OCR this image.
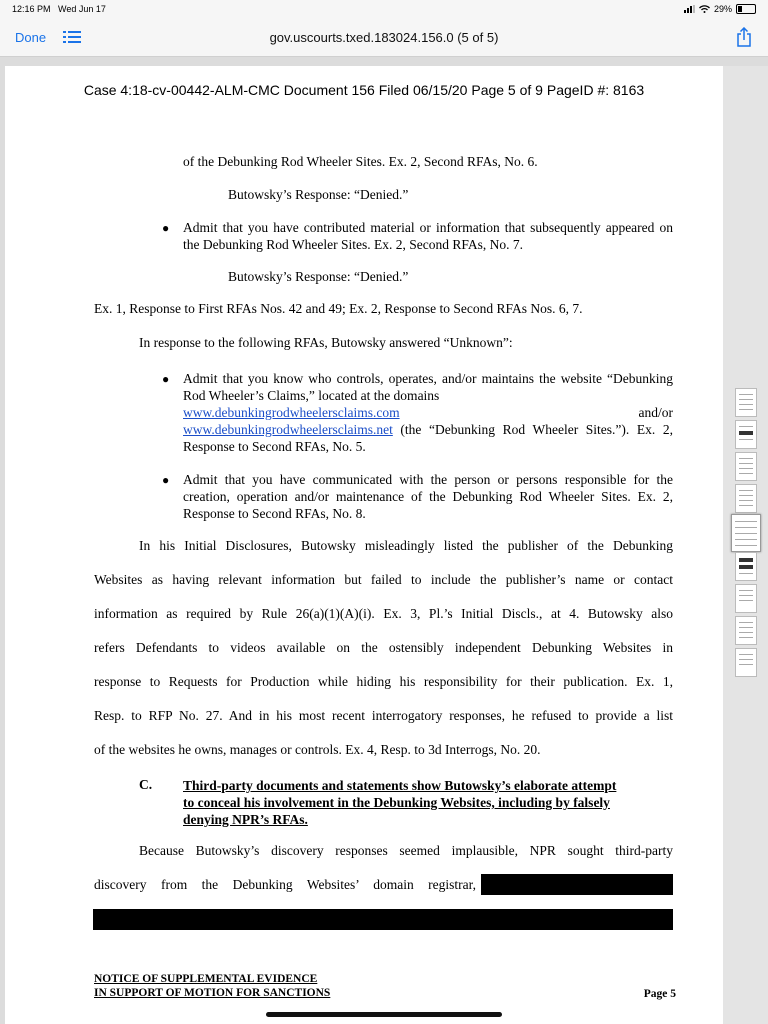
12:16 PM Wed Jun 17	29%
Done	gov.uscourts.txed.183024.156.0 (5 of 5)
Case 4:18-cv-00442-ALM-CMC Document 156 Filed 06/15/20 Page 5 of 9 PageID #: 8163
of the Debunking Rod Wheeler Sites. Ex. 2, Second RFAs, No. 6.
Butowsky’s Response: “Denied.”
● Admit that you have contributed material or information that subsequently appeared on the Debunking Rod Wheeler Sites. Ex. 2, Second RFAs, No. 7.
Butowsky’s Response: “Denied.”
Ex. 1, Response to First RFAs Nos. 42 and 49; Ex. 2, Response to Second RFAs Nos. 6, 7.
In response to the following RFAs, Butowsky answered “Unknown”:
● Admit that you know who controls, operates, and/or maintains the website “Debunking Rod Wheeler’s Claims,” located at the domains
www.debunkingrodwheelersclaims.com	and/or
www.debunkingrodwheelersclaims.net (the “Debunking Rod Wheeler Sites.”). Ex. 2, Response to Second RFAs, No. 5.
● Admit that you have communicated with the person or persons responsible for the creation, operation and/or maintenance of the Debunking Rod Wheeler Sites. Ex. 2, Response to Second RFAs, No. 8.
In his Initial Disclosures, Butowsky misleadingly listed the publisher of the Debunking
Websites as having relevant information but failed to include the publisher’s name or contact
information as required by Rule 26(a)(1)(A)(i). Ex. 3, Pl.’s Initial Discls., at 4. Butowsky also
refers Defendants to videos available on the ostensibly independent Debunking Websites in
response to Requests for Production while hiding his responsibility for their publication. Ex. 1,
Resp. to RFP No. 27. And in his most recent interrogatory responses, he refused to provide a list
of the websites he owns, manages or controls. Ex. 4, Resp. to 3d Interrogs, No. 20.
C. Third-party documents and statements show Butowsky’s elaborate attempt
to conceal his involvement in the Debunking Websites, including by falsely
denying NPR’s RFAs.
Because Butowsky’s discovery responses seemed implausible, NPR sought third-party
discovery from the Debunking Websites’ domain registrar,
NOTICE OF SUPPLEMENTAL EVIDENCE
IN SUPPORT OF MOTION FOR SANCTIONS	Page 5
